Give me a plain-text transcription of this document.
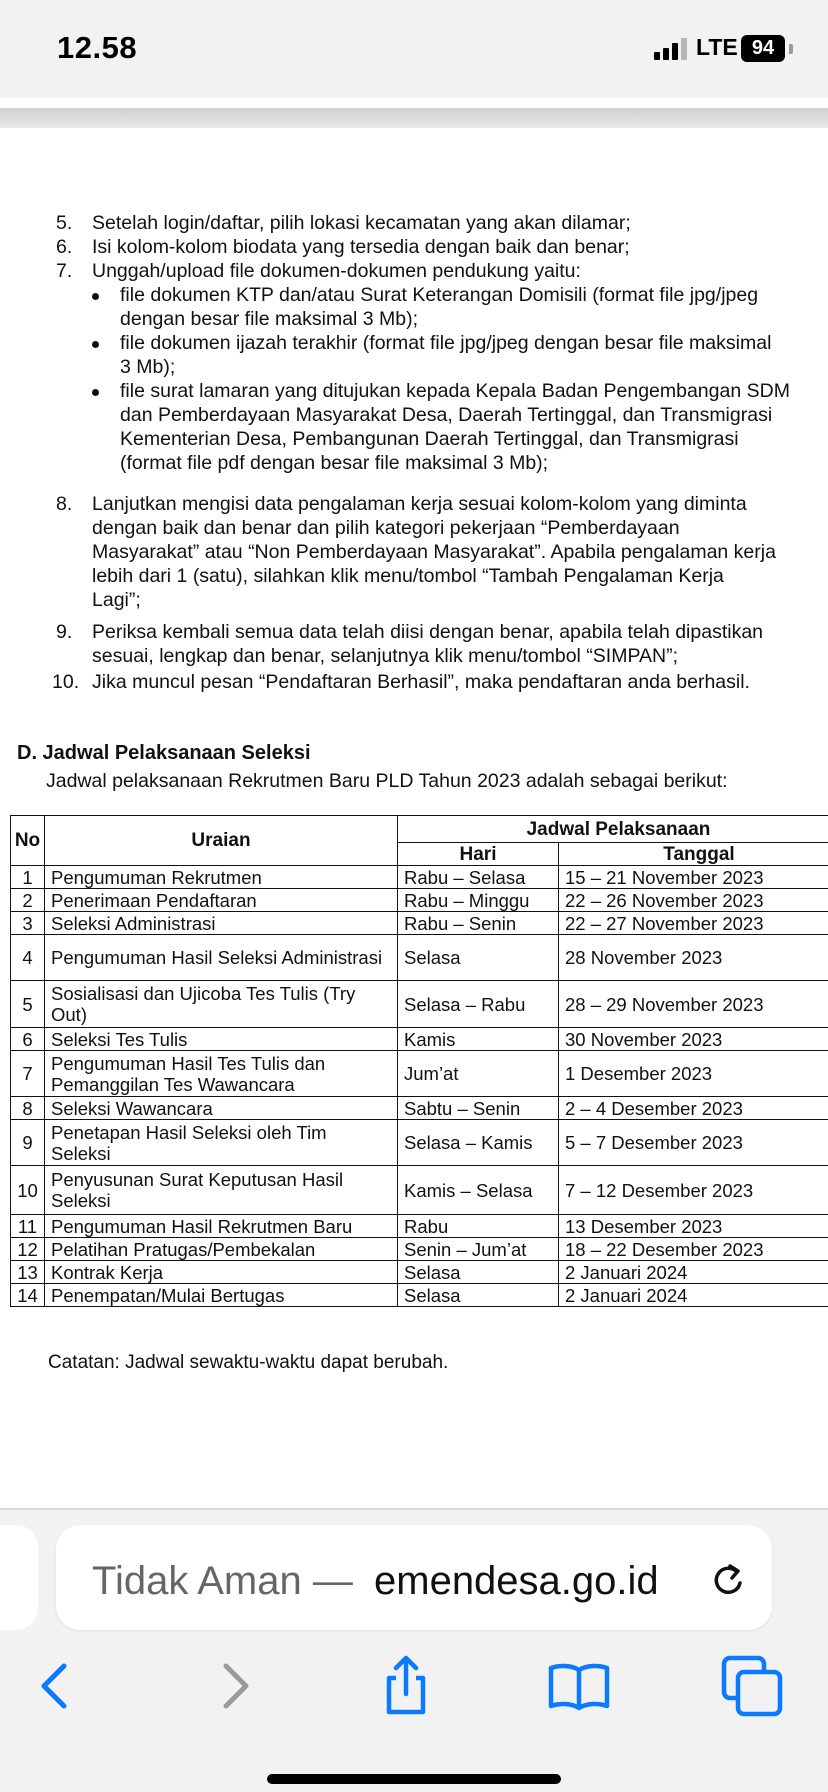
12.58	LTE 94
5. Setelah login/daftar, pilih lokasi kecamatan yang akan dilamar;
6. Isi kolom-kolom biodata yang tersedia dengan baik dan benar;
7. Unggah/upload file dokumen-dokumen pendukung yaitu:
file dokumen KTP dan/atau Surat Keterangan Domisili (format file jpg/jpeg
dengan besar file maksimal 3 Mb);
file dokumen ijazah terakhir (format file jpg/jpeg dengan besar file maksimal
3 Mb);
file surat lamaran yang ditujukan kepada Kepala Badan Pengembangan SDM
dan Pemberdayaan Masyarakat Desa, Daerah Tertinggal, dan Transmigrasi
Kementerian Desa, Pembangunan Daerah Tertinggal, dan Transmigrasi
(format file pdf dengan besar file maksimal 3 Mb);
8. Lanjutkan mengisi data pengalaman kerja sesuai kolom-kolom yang diminta
dengan baik dan benar dan pilih kategori pekerjaan “Pemberdayaan
Masyarakat” atau “Non Pemberdayaan Masyarakat”. Apabila pengalaman kerja
lebih dari 1 (satu), silahkan klik menu/tombol “Tambah Pengalaman Kerja
Lagi”;
9. Periksa kembali semua data telah diisi dengan benar, apabila telah dipastikan
sesuai, lengkap dan benar, selanjutnya klik menu/tombol “SIMPAN”;
10. Jika muncul pesan “Pendaftaran Berhasil”, maka pendaftaran anda berhasil.
D. Jadwal Pelaksanaan Seleksi
Jadwal pelaksanaan Rekrutmen Baru PLD Tahun 2023 adalah sebagai berikut:
No	Uraian	Jadwal Pelaksanaan	
		Hari	Tanggal
1	Pengumuman Rekrutmen	Rabu – Selasa	15 – 21 November 2023
2	Penerimaan Pendaftaran	Rabu – Minggu	22 – 26 November 2023
3	Seleksi Administrasi	Rabu – Senin	22 – 27 November 2023
4	Pengumuman Hasil Seleksi Administrasi	Selasa	28 November 2023
5	Sosialisasi dan Ujicoba Tes Tulis (Try Out)	Selasa – Rabu	28 – 29 November 2023
6	Seleksi Tes Tulis	Kamis	30 November 2023
7	Pengumuman Hasil Tes Tulis dan Pemanggilan Tes Wawancara	Jum’at	1 Desember 2023
8	Seleksi Wawancara	Sabtu – Senin	2 – 4 Desember 2023
9	Penetapan Hasil Seleksi oleh Tim Seleksi	Selasa – Kamis	5 – 7 Desember 2023
10	Penyusunan Surat Keputusan Hasil Seleksi	Kamis – Selasa	7 – 12 Desember 2023
11	Pengumuman Hasil Rekrutmen Baru	Rabu	13 Desember 2023
12	Pelatihan Pratugas/Pembekalan	Senin – Jum’at	18 – 22 Desember 2023
13	Kontrak Kerja	Selasa	2 Januari 2024
14	Penempatan/Mulai Bertugas	Selasa	2 Januari 2024
Catatan: Jadwal sewaktu-waktu dapat berubah.
Tidak Aman — emendesa.go.id
